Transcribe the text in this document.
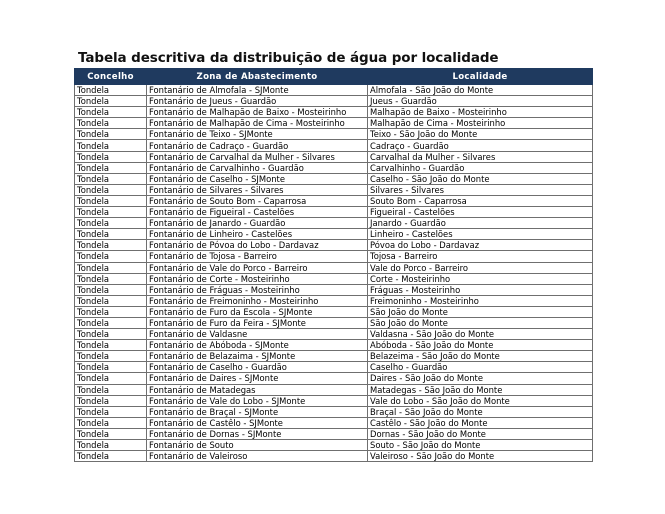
Tabela descritiva da distribuição de água por localidade
Concelho	Zona de Abastecimento	Localidade
Tondela	Fontanário de Almofala - SJMonte	Almofala - São João do Monte
Tondela	Fontanário de Jueus - Guardão	Jueus - Guardão
Tondela	Fontanário de Malhapão de Baixo - Mosteirinho	Malhapão de Baixo - Mosteirinho
Tondela	Fontanário de Malhapão de Cima - Mosteirinho	Malhapão de Cima - Mosteirinho
Tondela	Fontanário de Teixo - SJMonte	Teixo - São João do Monte
Tondela	Fontanário de Cadraço - Guardão	Cadraço - Guardão
Tondela	Fontanário de Carvalhal da Mulher - Silvares	Carvalhal da Mulher - Silvares
Tondela	Fontanário de Carvalhinho - Guardão	Carvalhinho - Guardão
Tondela	Fontanário de Caselho - SJMonte	Caselho - São João do Monte
Tondela	Fontanário de Silvares - Silvares	Silvares - Silvares
Tondela	Fontanário de Souto Bom - Caparrosa	Souto Bom - Caparrosa
Tondela	Fontanário de Figueiral - Castelões	Figueiral - Castelões
Tondela	Fontanário de Janardo - Guardão	Janardo - Guardão
Tondela	Fontanário de Linheiro - Castelões	Linheiro - Castelões
Tondela	Fontanário de Póvoa do Lobo - Dardavaz	Póvoa do Lobo - Dardavaz
Tondela	Fontanário de Tojosa - Barreiro	Tojosa - Barreiro
Tondela	Fontanário de Vale do Porco - Barreiro	Vale do Porco - Barreiro
Tondela	Fontanário de Corte - Mosteirinho	Corte - Mosteirinho
Tondela	Fontanário de Fráguas - Mosteirinho	Fráguas - Mosteirinho
Tondela	Fontanário de Freimoninho - Mosteirinho	Freimoninho - Mosteirinho
Tondela	Fontanário de Furo da Escola - SJMonte	São João do Monte
Tondela	Fontanário de Furo da Feira - SJMonte	São João do Monte
Tondela	Fontanário de Valdasne	Valdasna - São João do Monte
Tondela	Fontanário de Abóboda - SJMonte	Abóboda - São João do Monte
Tondela	Fontanário de Belazaima - SJMonte	Belazeima - São João do Monte
Tondela	Fontanário de Caselho - Guardão	Caselho - Guardão
Tondela	Fontanário de Daires - SJMonte	Daires - São João do Monte
Tondela	Fontanário de Matadegas	Matadegas - São João do Monte
Tondela	Fontanário de Vale do Lobo - SJMonte	Vale do Lobo - São João do Monte
Tondela	Fontanário de Braçal - SJMonte	Braçal - São João do Monte
Tondela	Fontanário de Castêlo - SJMonte	Castêlo - São João do Monte
Tondela	Fontanário de Dornas - SJMonte	Dornas - São João do Monte
Tondela	Fontanário de Souto	Souto - São João do Monte
Tondela	Fontanário de Valeiroso	Valeiroso - São João do Monte
